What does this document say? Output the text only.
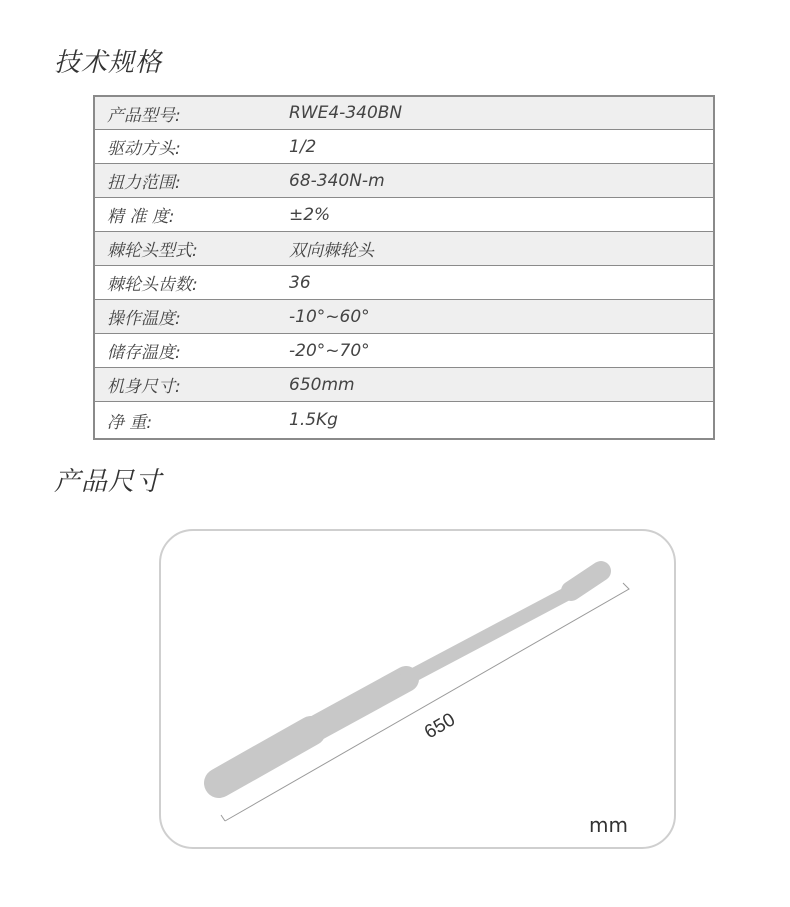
技术规格
产品型号:	RWE4-340BN
驱动方头:	1/2
扭力范围:	68-340N-m
精 准 度:	±2%
棘轮头型式:	双向棘轮头
棘轮头齿数:	36
操作温度:	-10°~60°
储存温度:	-20°~70°
机身尺寸:	650mm
净 重:	1.5Kg
产品尺寸
650
mm
